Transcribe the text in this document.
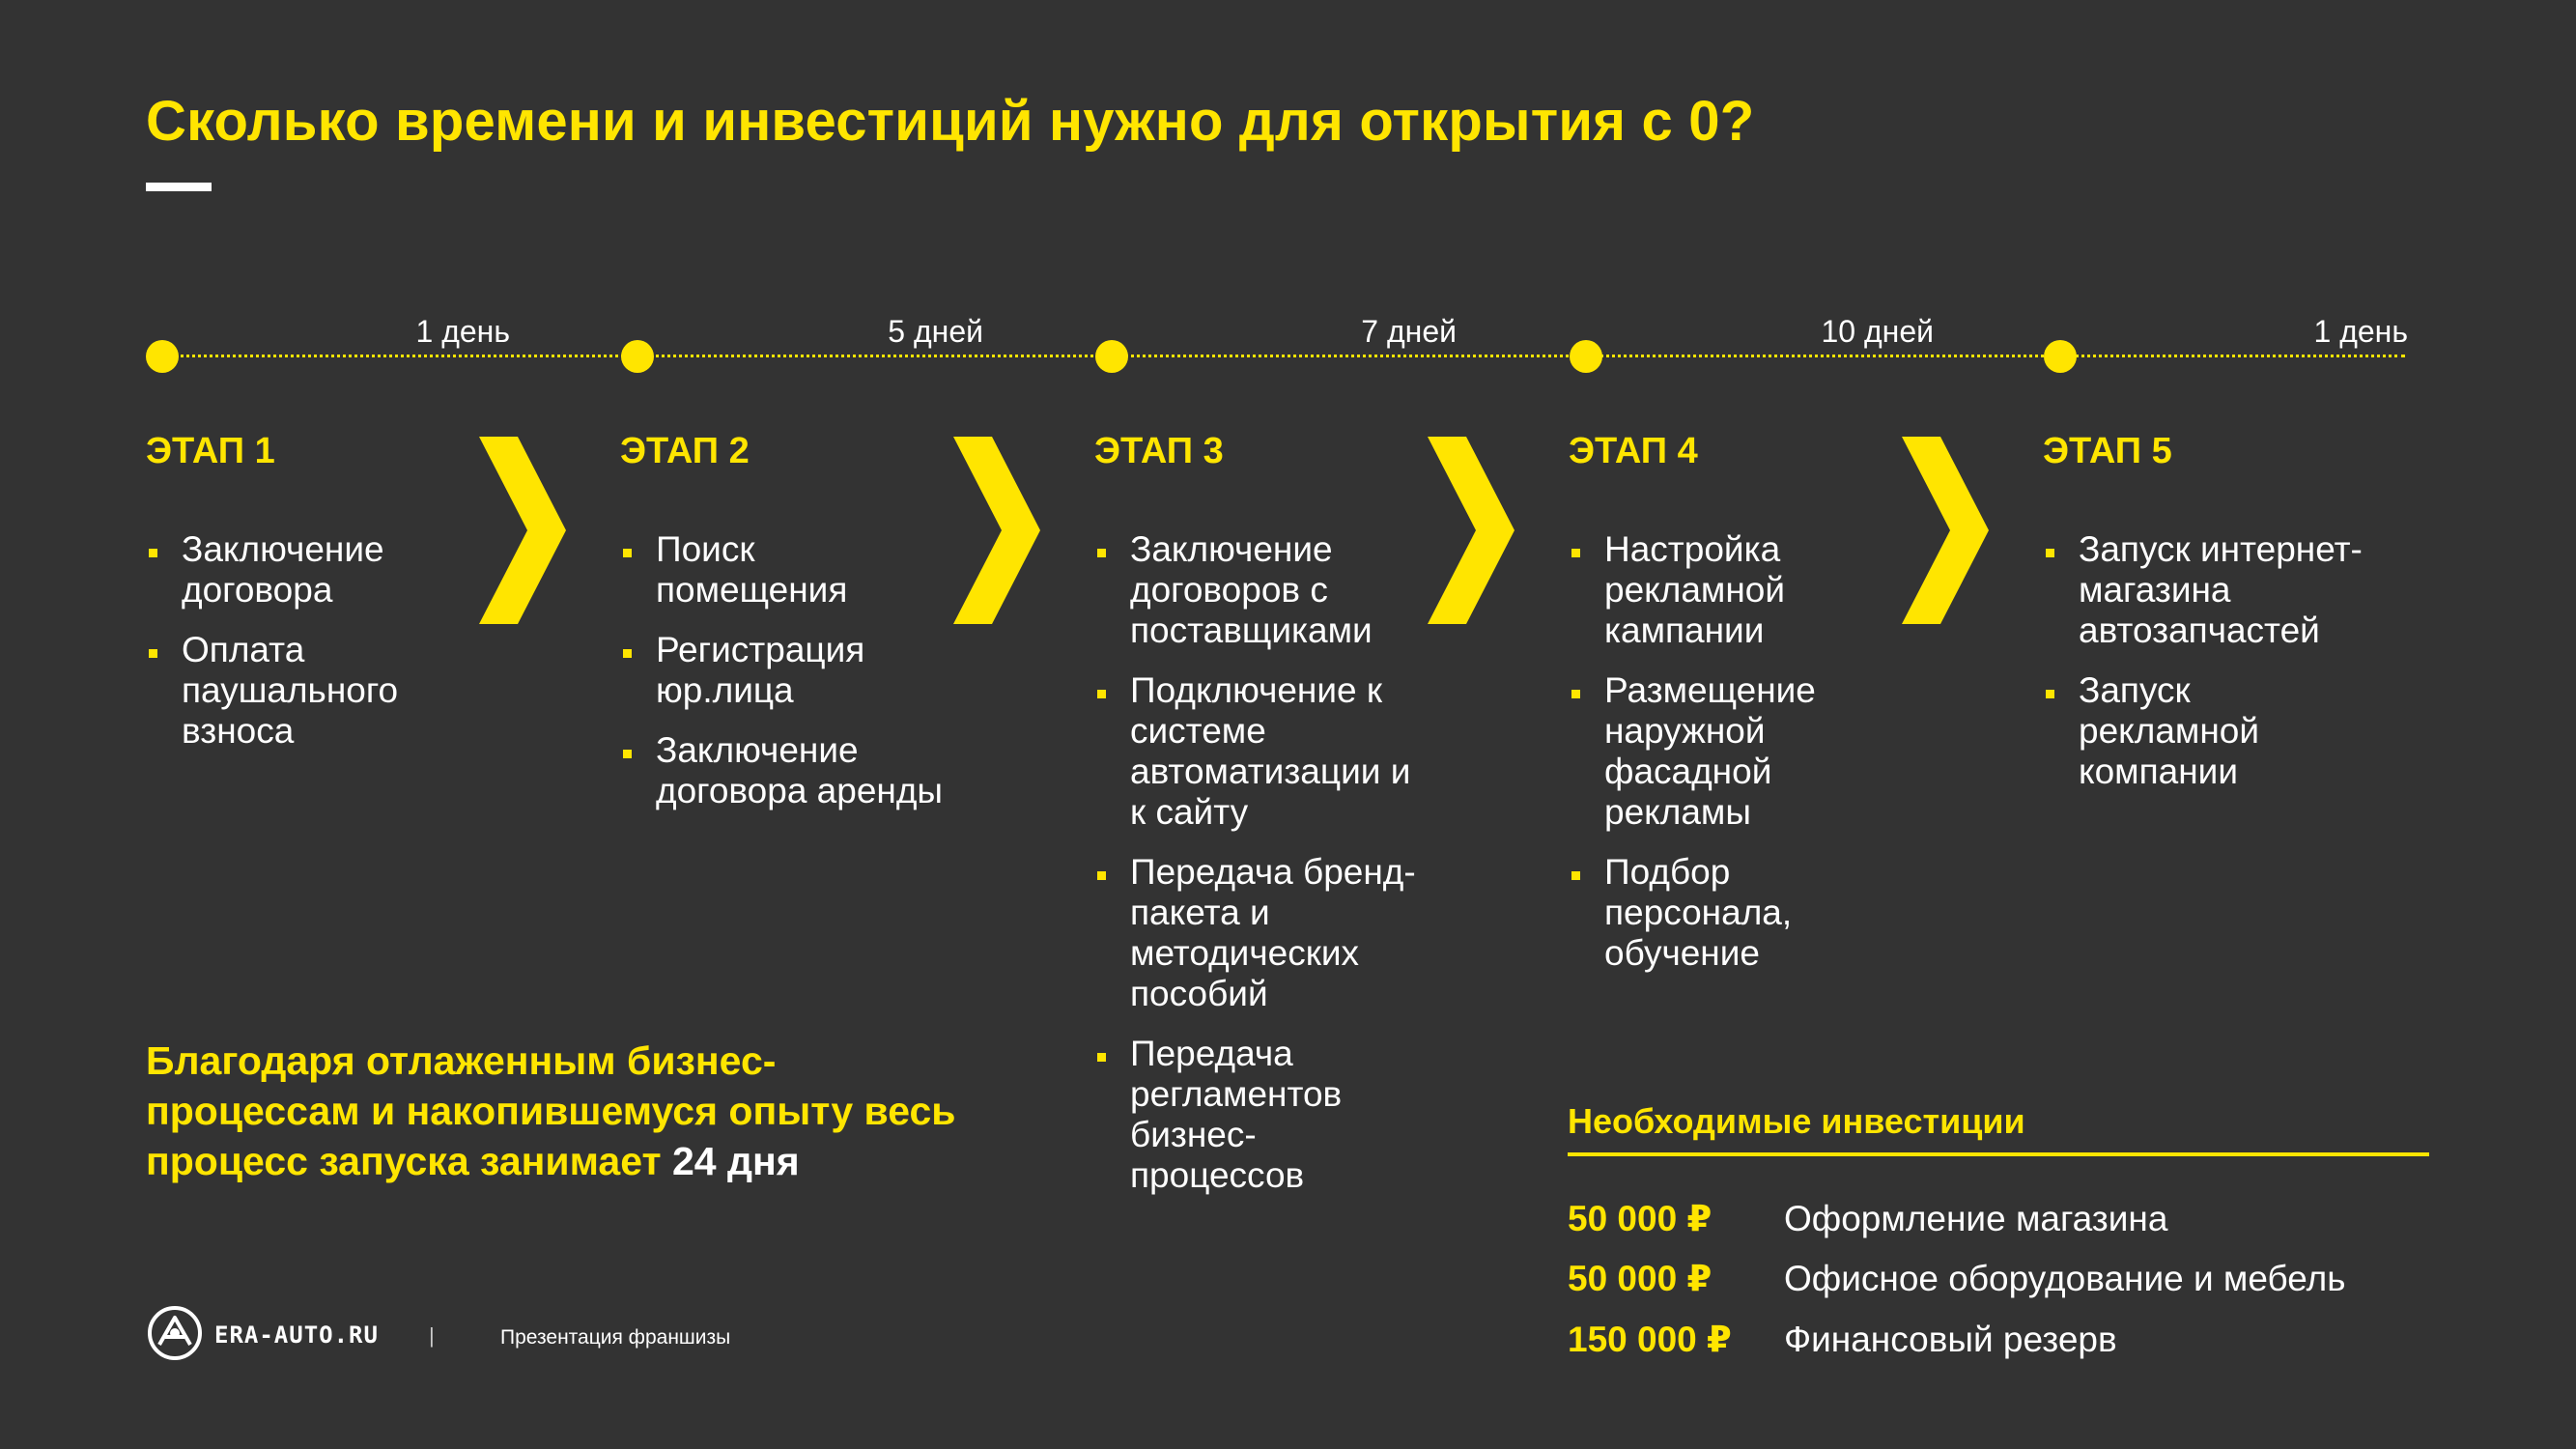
Сколько времени и инвестиций нужно для открытия с 0?
1 день	5 дней	7 дней	10 дней	1 день
ЭТАП 1	ЭТАП 2	ЭТАП 3	ЭТАП 4	ЭТАП 5
Заключение договора
Оплата паушального взноса
Поиск помещения
Регистрация юр.лица
Заключение договора аренды
Заключение договоров с поставщиками
Подключение к системе автоматизации и к сайту
Передача бренд-пакета и методических пособий
Передача регламентов бизнес-процессов
Настройка рекламной кампании
Размещение наружной фасадной рекламы
Подбор персонала, обучение
Запуск интернет-магазина автозапчастей
Запуск рекламной компании
Благодаря отлаженным бизнес-процессам и накопившемуся опыту весь процесс запуска занимает 24 дня
Необходимые инвестиции
50 000 ₽ Оформление магазина
50 000 ₽ Офисное оборудование и мебель
150 000 ₽ Финансовый резерв
ERA-AUTO.RU |	Презентация франшизы
